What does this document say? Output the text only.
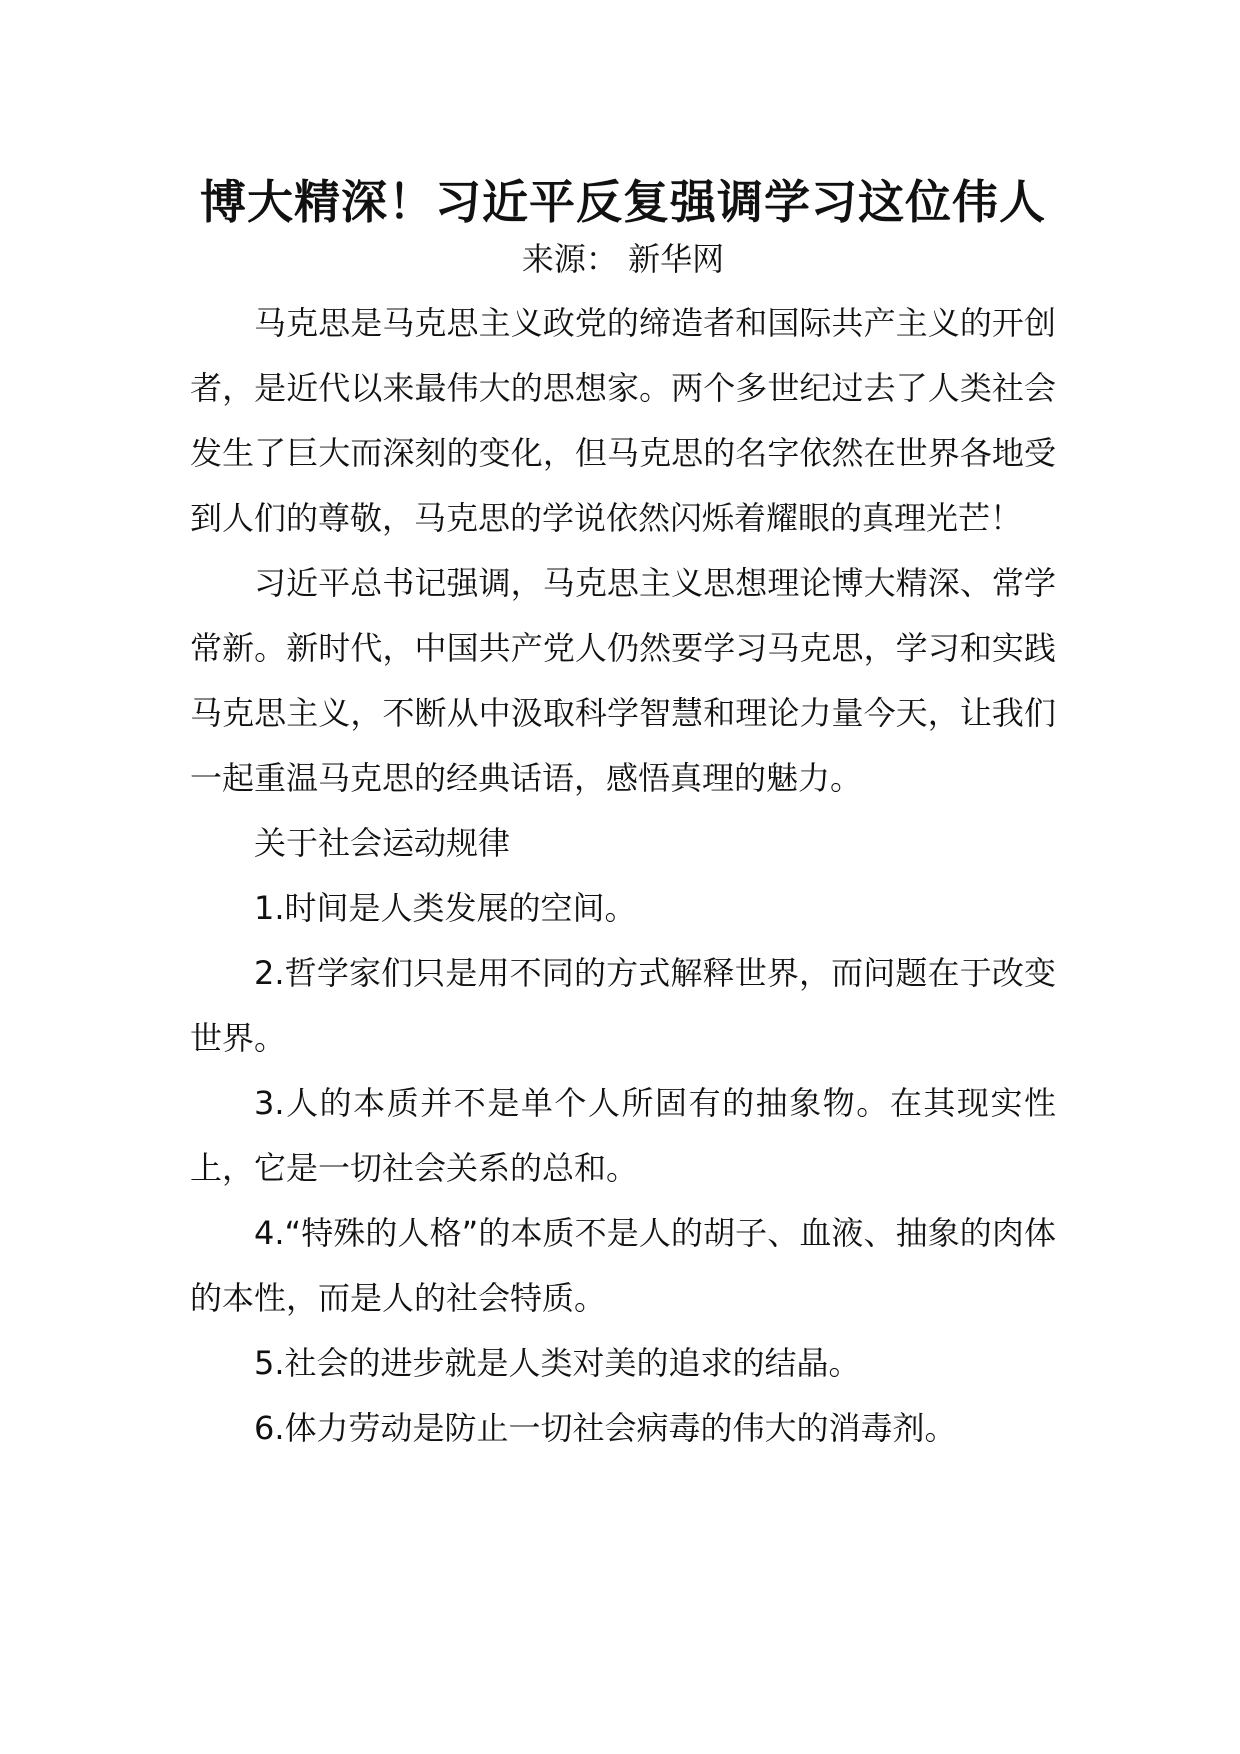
博大精深！习近平反复强调学习这位伟人

来源： 新华网

马克思是马克思主义政党的缔造者和国际共产主义的开创者，是近代以来最伟大的思想家。两个多世纪过去了人类社会发生了巨大而深刻的变化，但马克思的名字依然在世界各地受到人们的尊敬，马克思的学说依然闪烁着耀眼的真理光芒！

习近平总书记强调，马克思主义思想理论博大精深、常学常新。新时代，中国共产党人仍然要学习马克思，学习和实践马克思主义，不断从中汲取科学智慧和理论力量今天，让我们一起重温马克思的经典话语，感悟真理的魅力。

关于社会运动规律

1.时间是人类发展的空间。

2.哲学家们只是用不同的方式解释世界，而问题在于改变世界。

3.人的本质并不是单个人所固有的抽象物。在其现实性上，它是一切社会关系的总和。

4.“特殊的人格”的本质不是人的胡子、血液、抽象的肉体的本性，而是人的社会特质。

5.社会的进步就是人类对美的追求的结晶。

6.体力劳动是防止一切社会病毒的伟大的消毒剂。
